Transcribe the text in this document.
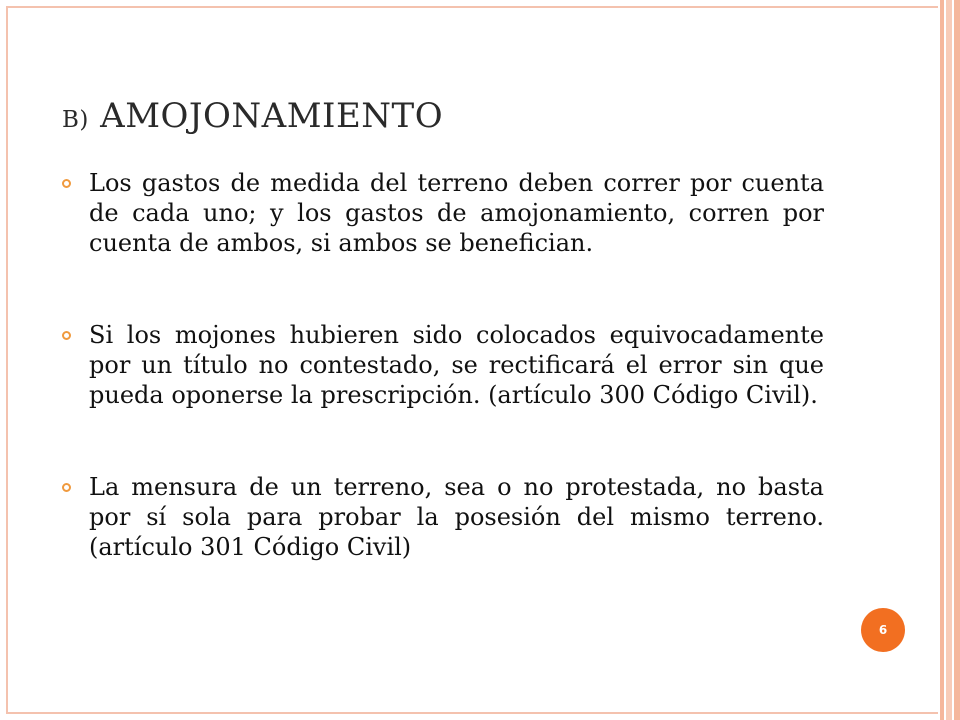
B) AMOJONAMIENTO
Los gastos de medida del terreno deben correr por cuenta de cada uno; y los gastos de amojonamiento, corren por cuenta de ambos, si ambos se benefician.
Si los mojones hubieren sido colocados equivocadamente por un título no contestado, se rectificará el error sin que pueda oponerse la prescripción. (artículo 300 Código Civil).
La mensura de un terreno, sea o no protestada, no basta por sí sola para probar la posesión del mismo terreno. (artículo 301 Código Civil)
6
